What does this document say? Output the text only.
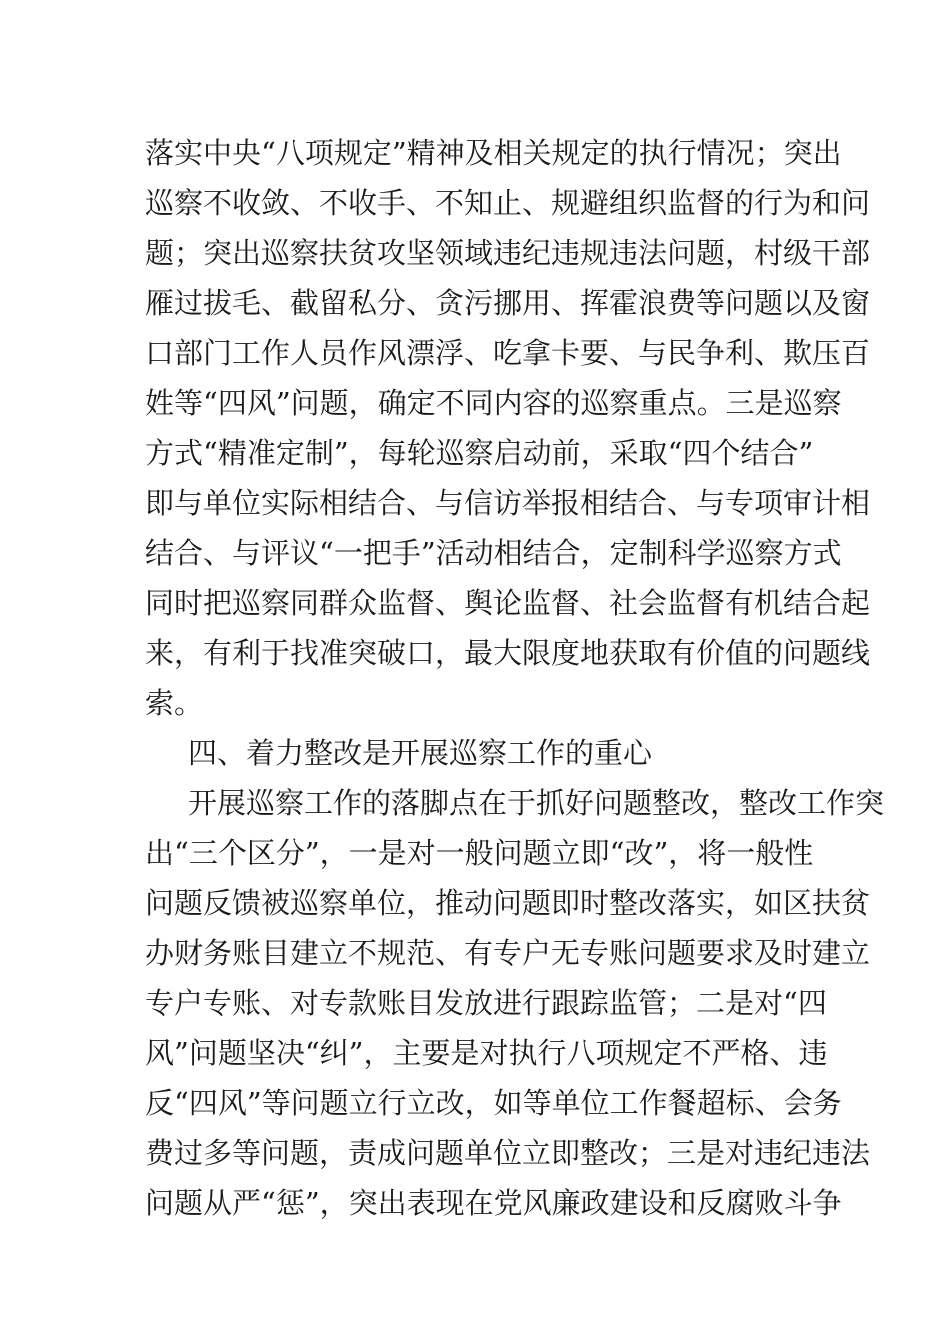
落实中央“八项规定”精神及相关规定的执行情况；突出
巡察不收敛、不收手、不知止、规避组织监督的行为和问
题；突出巡察扶贫攻坚领域违纪违规违法问题，村级干部
雁过拔毛、截留私分、贪污挪用、挥霍浪费等问题以及窗
口部门工作人员作风漂浮、吃拿卡要、与民争利、欺压百
姓等“四风”问题，确定不同内容的巡察重点。三是巡察
方式“精准定制”，每轮巡察启动前，采取“四个结合”
即与单位实际相结合、与信访举报相结合、与专项审计相
结合、与评议“一把手”活动相结合，定制科学巡察方式
同时把巡察同群众监督、舆论监督、社会监督有机结合起
来，有利于找准突破口，最大限度地获取有价值的问题线
索。
四、着力整改是开展巡察工作的重心
开展巡察工作的落脚点在于抓好问题整改，整改工作突
出“三个区分”，一是对一般问题立即“改”，将一般性
问题反馈被巡察单位，推动问题即时整改落实，如区扶贫
办财务账目建立不规范、有专户无专账问题要求及时建立
专户专账、对专款账目发放进行跟踪监管；二是对“四
风”问题坚决“纠”，主要是对执行八项规定不严格、违
反“四风”等问题立行立改，如等单位工作餐超标、会务
费过多等问题，责成问题单位立即整改；三是对违纪违法
问题从严“惩”，突出表现在党风廉政建设和反腐败斗争
